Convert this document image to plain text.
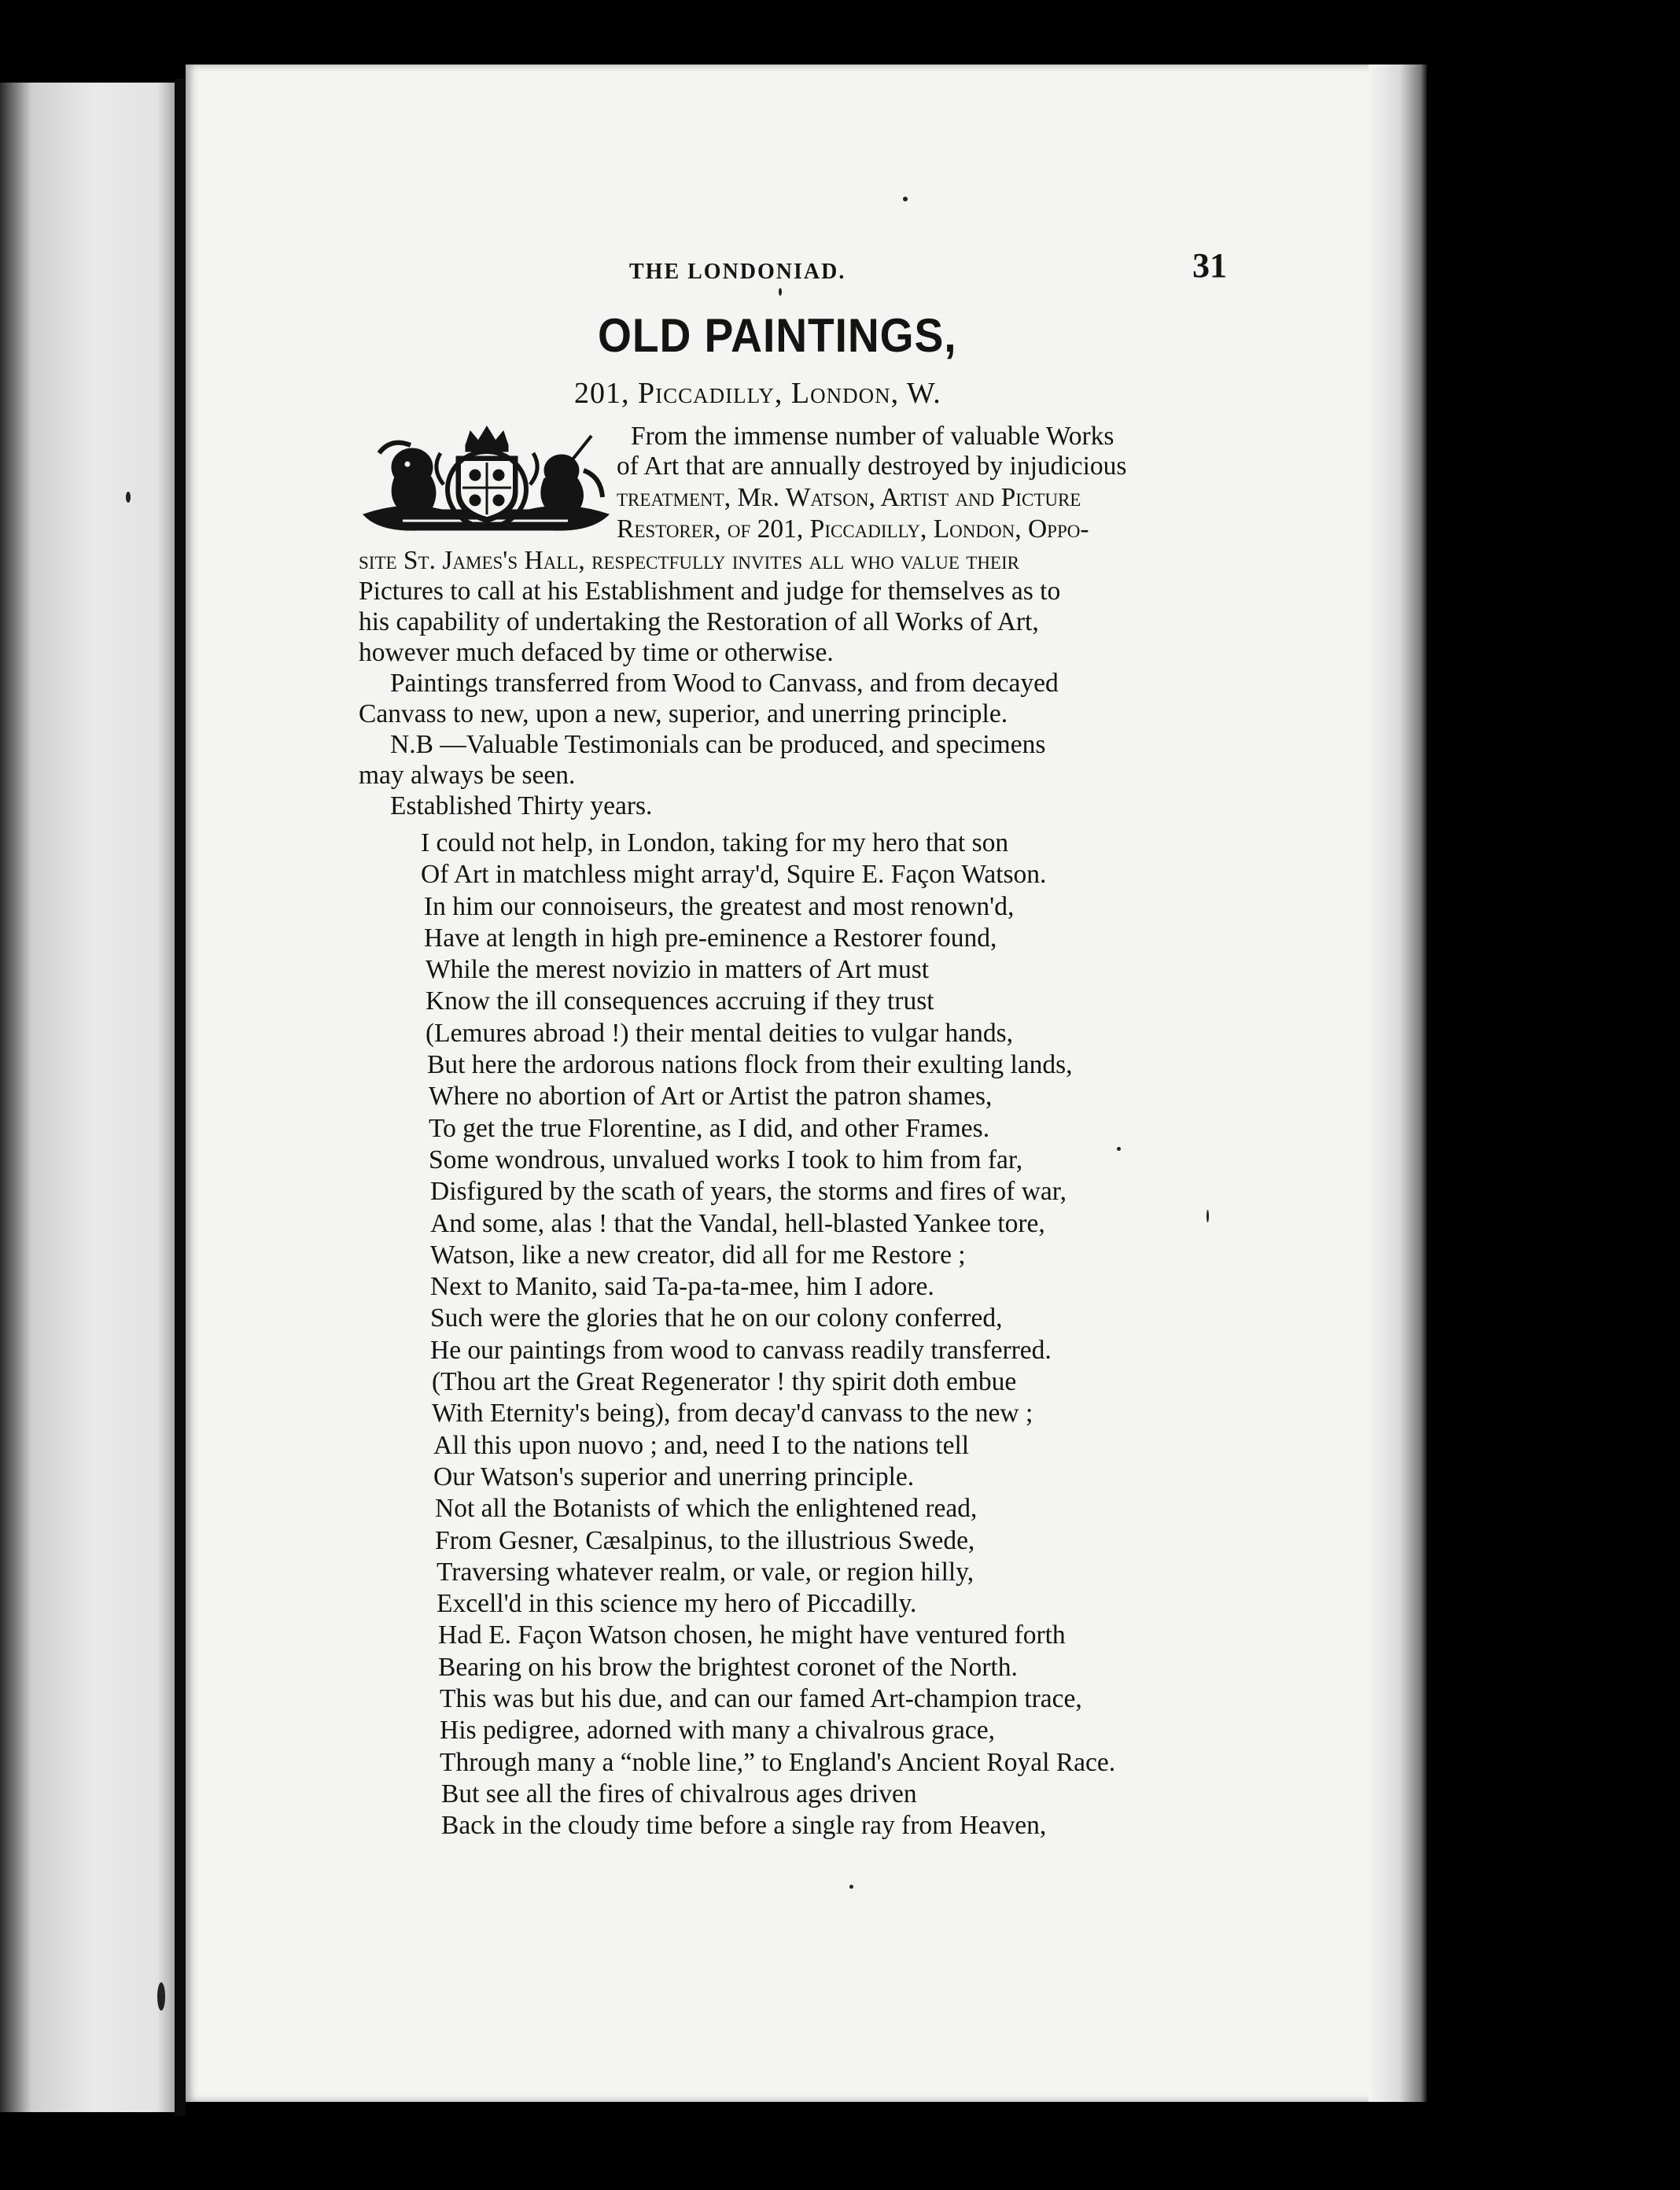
THE LONDONIAD.	31
OLD PAINTINGS,
201, Piccadilly, London, W.
From the immense number of valuable Works
of Art that are annually destroyed by injudicious
treatment, Mr. Watson, Artist and Picture
Restorer, of 201, Piccadilly, London, Oppo-
site St. James's Hall, respectfully invites all who value their
Pictures to call at his Establishment and judge for themselves as to
his capability of undertaking the Restoration of all Works of Art,
however much defaced by time or otherwise.
Paintings transferred from Wood to Canvass, and from decayed
Canvass to new, upon a new, superior, and unerring principle.
N.B —Valuable Testimonials can be produced, and specimens
may always be seen.
Established Thirty years.
I could not help, in London, taking for my hero that son
Of Art in matchless might array'd, Squire E. Façon Watson.
In him our connoiseurs, the greatest and most renown'd,
Have at length in high pre-eminence a Restorer found,
While the merest novizio in matters of Art must
Know the ill consequences accruing if they trust
(Lemures abroad !) their mental deities to vulgar hands,
But here the ardorous nations flock from their exulting lands,
Where no abortion of Art or Artist the patron shames,
To get the true Florentine, as I did, and other Frames.
Some wondrous, unvalued works I took to him from far,
Disfigured by the scath of years, the storms and fires of war,
And some, alas ! that the Vandal, hell-blasted Yankee tore,
Watson, like a new creator, did all for me Restore ;
Next to Manito, said Ta-pa-ta-mee, him I adore.
Such were the glories that he on our colony conferred,
He our paintings from wood to canvass readily transferred.
(Thou art the Great Regenerator ! thy spirit doth embue
With Eternity's being), from decay'd canvass to the new ;
All this upon nuovo ; and, need I to the nations tell
Our Watson's superior and unerring principle.
Not all the Botanists of which the enlightened read,
From Gesner, Cæsalpinus, to the illustrious Swede,
Traversing whatever realm, or vale, or region hilly,
Excell'd in this science my hero of Piccadilly.
Had E. Façon Watson chosen, he might have ventured forth
Bearing on his brow the brightest coronet of the North.
This was but his due, and can our famed Art-champion trace,
His pedigree, adorned with many a chivalrous grace,
Through many a “noble line,” to England's Ancient Royal Race.
But see all the fires of chivalrous ages driven
Back in the cloudy time before a single ray from Heaven,
